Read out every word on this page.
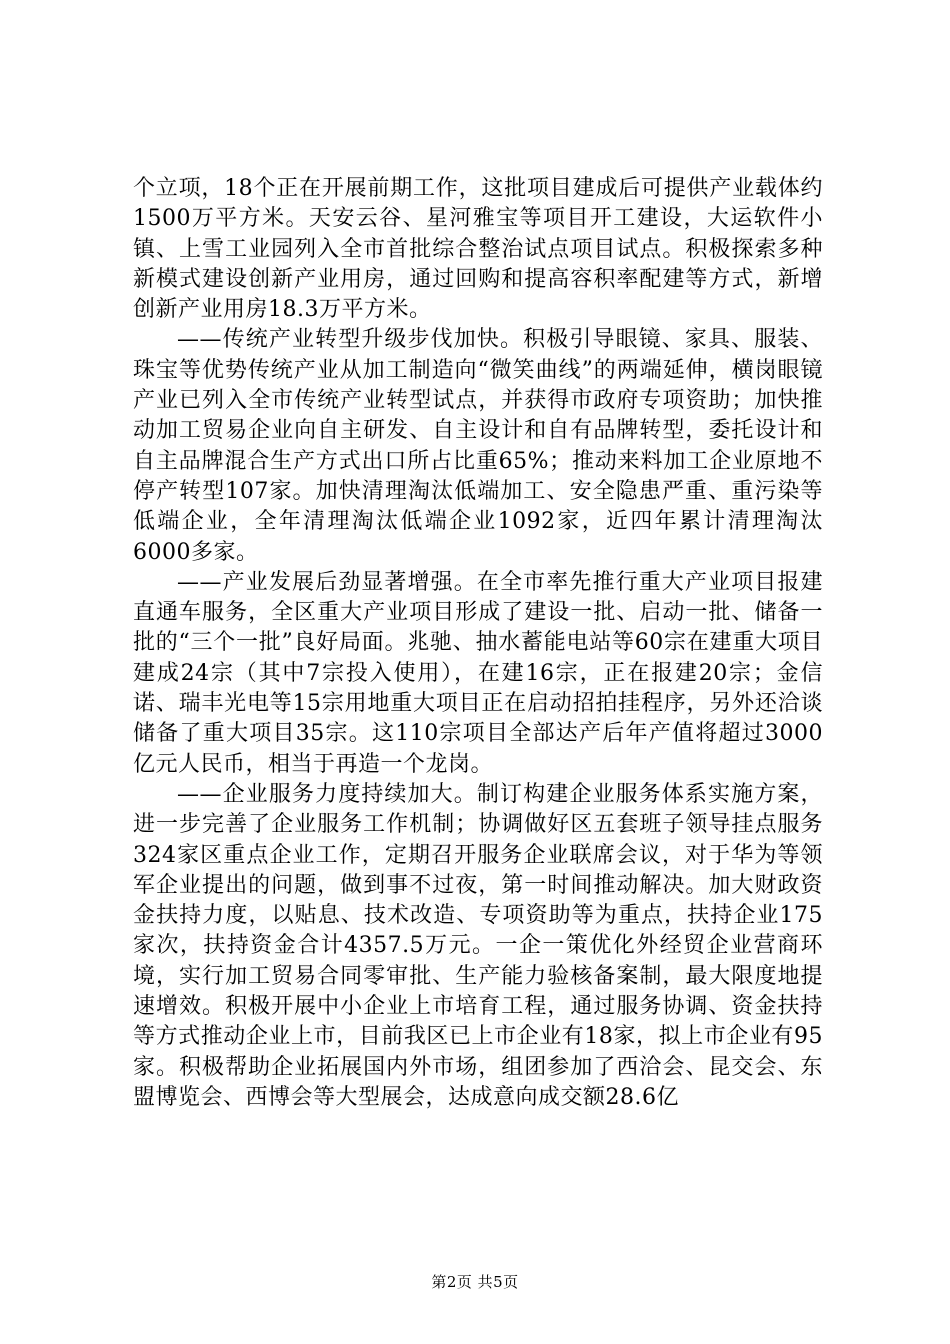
个立项，18个正在开展前期工作，这批项目建成后可提供产业载体约1500万平方米。天安云谷、星河雅宝等项目开工建设，大运软件小镇、上雪工业园列入全市首批综合整治试点项目试点。积极探索多种新模式建设创新产业用房，通过回购和提高容积率配建等方式，新增创新产业用房18.3万平方米。

——传统产业转型升级步伐加快。积极引导眼镜、家具、服装、珠宝等优势传统产业从加工制造向“微笑曲线”的两端延伸，横岗眼镜产业已列入全市传统产业转型试点，并获得市政府专项资助；加快推动加工贸易企业向自主研发、自主设计和自有品牌转型，委托设计和自主品牌混合生产方式出口所占比重65%；推动来料加工企业原地不停产转型107家。加快清理淘汰低端加工、安全隐患严重、重污染等低端企业，全年清理淘汰低端企业1092家，近四年累计清理淘汰6000多家。

——产业发展后劲显著增强。在全市率先推行重大产业项目报建直通车服务，全区重大产业项目形成了建设一批、启动一批、储备一批的“三个一批”良好局面。兆驰、抽水蓄能电站等60宗在建重大项目建成24宗（其中7宗投入使用），在建16宗，正在报建20宗；金信诺、瑞丰光电等15宗用地重大项目正在启动招拍挂程序，另外还洽谈储备了重大项目35宗。这110宗项目全部达产后年产值将超过3000亿元人民币，相当于再造一个龙岗。

——企业服务力度持续加大。制订构建企业服务体系实施方案，进一步完善了企业服务工作机制；协调做好区五套班子领导挂点服务324家区重点企业工作，定期召开服务企业联席会议，对于华为等领军企业提出的问题，做到事不过夜，第一时间推动解决。加大财政资金扶持力度，以贴息、技术改造、专项资助等为重点，扶持企业175家次，扶持资金合计4357.5万元。一企一策优化外经贸企业营商环境，实行加工贸易合同零审批、生产能力验核备案制，最大限度地提速增效。积极开展中小企业上市培育工程，通过服务协调、资金扶持等方式推动企业上市，目前我区已上市企业有18家，拟上市企业有95家。积极帮助企业拓展国内外市场，组团参加了西洽会、昆交会、东盟博览会、西博会等大型展会，达成意向成交额28.6亿

第2页 共5页
